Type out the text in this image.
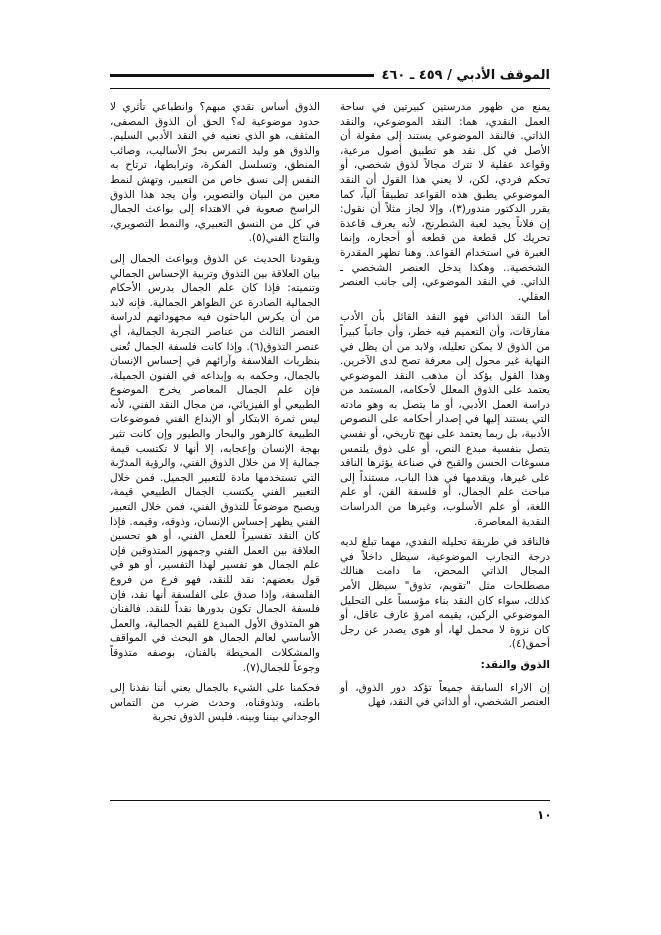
الموقف الأدبي / ٤٥٩ ـ ٤٦٠

يمنع من ظهور مدرستين كبيرتين في ساحة العمل النقدي، هما: النقد الموضوعي، والنقد الذاتي. فالنقد الموضوعي يستند إلى مقولة أن الأصل في كل نقد هو تطبيق أصول مرعية، وقواعد عقلية لا تترك مجالاً لذوق شخصي، أو تحكم فردي، لكن، لا يعني هذا القول أن النقد الموضوعي يطبق هذه القواعد تطبيقاً آلياً، كما يقرر الدكتور مندور(٣)، وإلا لجاز مثلاً أن نقول: إن فلاناً يجيد لعبة الشطرنج، لأنه يعرف قاعدة تحريك كل قطعة من قطعه أو أحجاره، وإنما العبرة في استخدام القواعد. وهنا تظهر المقدرة الشخصية.. وهكذا يدخل العنصر الشخصي ـ الذاتي. في النقد الموضوعي، إلى جانب العنصر العقلي.

أما النقد الذاتي فهو النقد القائل بأن الأدب مفارقات، وأن التعميم فيه خطر، وأن جانباً كبيراً من الذوق لا يمكن تعليله، ولابد من أن يظل في النهاية غير محول إلى معرفة تصح لدى الآخرين. وهذا القول يؤكد أن مذهب النقد الموضوعي يعتمد على الذوق المعلل لأحكامه، المستمد من دراسة العمل الأدبي، أو ما يتصل به وهو مادته التي يستند إليها في إصدار أحكامه على النصوص الأدبية، بل ربما يعتمد على نهج تاريخي، أو نفسي يتصل بنفسية مبدع النص، أو على ذوق يلتمس مسوغات الحسن والقبح في صناعة يؤثرها الناقد على غيرها، ويقدمها في هذا الباب، مستنداً إلى مباحث علم الجمال، أو فلسفة الفن، أو علم اللغة، أو علم الأسلوب، وغيرها من الدراسات النقدية المعاصرة.

فالناقد في طريقة تحليله النقدي، مهما تبلغ لديه درجة التجارب الموضوعية، سيظل داخلاً في المجال الذاتي المحض، ما دامت هنالك مصطلحات مثل "تقويم، تذوق" سيظل الأمر كذلك، سواء كان النقد بناء مؤسساً على التحليل الموضوعي الركين، يقيمه امرؤ عارف عاقل، أو كان نزوة لا محمل لها، أو هوى يصدر عن رجل أحمق(٤).

الذوق والنقد:

إن الاراء السابقة جميعاً تؤكد دور الذوق، أو العنصر الشخصي، أو الذاتي في النقد، فهل

الذوق أساس نقدي مبهم؟ وانطباعي تأثري لا حدود موضوعية له؟ الحق أن الذوق المصفى، المثقف، هو الذي نعنيه في النقد الأدبي السليم. والذوق هو وليد التمرس بحرّ الأساليب، وصائب المنطق، وتسلسل الفكرة، وترابطها، ترتاح به النفس إلى نسق خاص من التعبير، وتهش لنمط معين من البيان والتصوير، وأن يجد هذا الذوق الراسخ صعوبة في الاهتداء إلى بواعث الجمال في كل من النسق التعبيري، والنمط التصويري، والنتاج الفني(٥).

ويقودنا الحديث عن الذوق وبواعث الجمال إلى بيان العلاقة بين التذوق وتربية الإحساس الجمالي وتنميته: فإذا كان علم الجمال يدرس الأحكام الجمالية الصادرة عن الظواهر الجمالية. فإنه لابد من أن يكرس الباحثون فيه مجهوداتهم لدراسة العنصر الثالث من عناصر التجربة الجمالية، أي عنصر التذوق(٦). وإذا كانت فلسفة الجمال تُعنى بنظريات الفلاسفة وآرائهم في إحساس الإنسان بالجمال، وحكمه به وإبداعه في الفنون الجميلة، فإن علم الجمال المعاصر يخرج الموضوع الطبيعي أو الفيزيائي، من مجال النقد الفني، لأنه ليس ثمرة الابتكار أو الإبداع الفني فموضوعات الطبيعة كالزهور والبحار والطيور وإن كانت تثير بهجة الإنسان وإعجابه، إلا أنها لا تكتسب قيمة جمالية إلا من خلال الذوق الفني، والرؤية المدرّبة التي تستخدمها مادة للتعبير الجميل. فمن خلال التعبير الفني يكتسب الجمال الطبيعي قيمة، ويصبح موضوعاً للتذوق الفني، فمن خلال التعبير الفني يظهر إحساس الإنسان، وذوقه، وقيمه. فإذا كان النقد تفسيراً للعمل الفني، أو هو تحسين العلاقة بين العمل الفني وجمهور المتذوقين فإن علم الجمال هو تفسير لهذا التفسير، أو هو في قول بعضهم: نقد للنقد، فهو فرع من فروع الفلسفة، وإذا صدق على الفلسفة أنها نقد، فإن فلسفة الجمال تكون بدورها نقداً للنقد. فالفنان هو المتذوق الأول المبدع للقيم الجمالية، والعمل الأساسي لعالم الجمال هو البحث في المواقف والمشكلات المحيطة بالفنان، بوصفه متذوقاً وجوعاً للجمال(٧).

فحكمنا على الشيء بالجمال يعني أننا نفذنا إلى باطنه، وتذوقناه، وحدث ضرب من التماس الوجداني بيننا وبينه. فليس الذوق تجربة

١٠
